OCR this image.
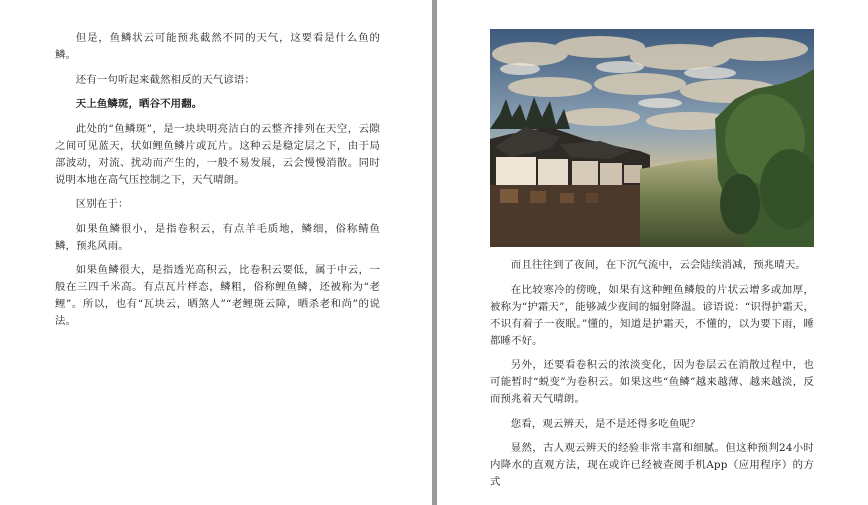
但是，鱼鳞状云可能预兆截然不同的天气，这要看是什么鱼的鳞。

还有一句听起来截然相反的天气谚语：

天上鱼鳞斑，晒谷不用翻。

此处的“鱼鳞斑”，是一块块明亮洁白的云整齐排列在天空，云隙之间可见蓝天，状如鲤鱼鳞片或瓦片。这种云是稳定层之下，由于局部波动，对流、扰动而产生的，一般不易发展，云会慢慢消散。同时说明本地在高气压控制之下，天气晴朗。

区别在于：

如果鱼鳞很小，是指卷积云，有点羊毛质地，鳞细，俗称鲭鱼鳞，预兆风雨。

如果鱼鳞很大，是指透光高积云，比卷积云要低，属于中云，一般在三四千米高。有点瓦片样态，鳞粗，俗称鲤鱼鳞，还被称为“老鲤”。所以，也有“瓦块云，晒煞人”“老鲤斑云障，晒杀老和尚”的说法。

而且往往到了夜间，在下沉气流中，云会陆续消减，预兆晴天。

在比较寒冷的傍晚，如果有这种鲤鱼鳞般的片状云增多或加厚，被称为“护霜天”，能够减少夜间的辐射降温。谚语说：“识得护霜天，不识有着子一夜眠。”懂的，知道是护霜天，不懂的，以为要下雨，睡都睡不好。

另外，还要看卷积云的浓淡变化，因为卷层云在消散过程中，也可能暂时“蜕变”为卷积云。如果这些“鱼鳞”越来越薄、越来越淡，反而预兆着天气晴朗。

您看，观云辨天，是不是还得多吃鱼呢？

显然，古人观云辨天的经验非常丰富和细腻。但这种预判24小时内降水的直观方法，现在或许已经被查阅手机App（应用程序）的方式
